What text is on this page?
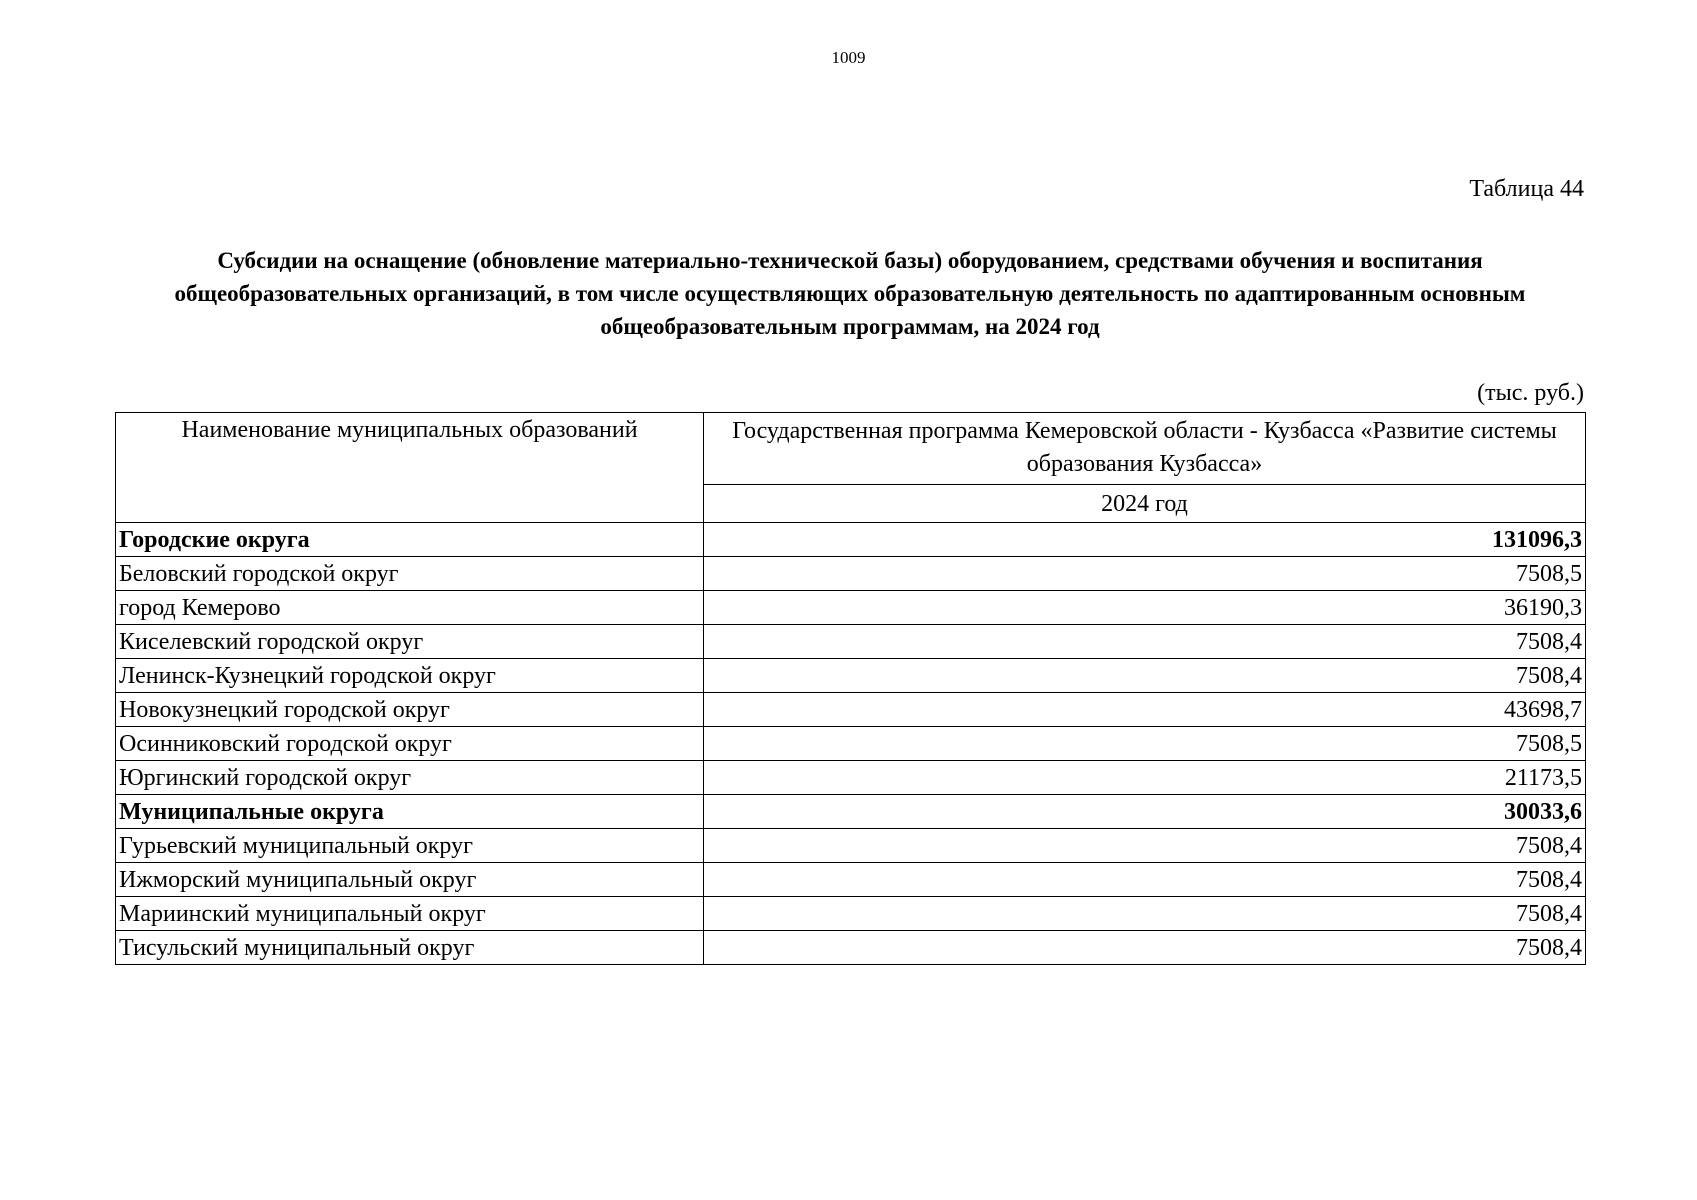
1009
Таблица 44
Субсидии на оснащение (обновление материально-технической базы) оборудованием, средствами обучения и воспитания общеобразовательных организаций, в том числе осуществляющих образовательную деятельность по адаптированным основным общеобразовательным программам, на 2024 год
(тыс. руб.)
Наименование муниципальных образований	Государственная программа Кемеровской области - Кузбасса «Развитие системы образования Кузбасса»
	2024 год
Городские округа	131096,3
Беловский городской округ	7508,5
город Кемерово	36190,3
Киселевский городской округ	7508,4
Ленинск-Кузнецкий городской округ	7508,4
Новокузнецкий городской округ	43698,7
Осинниковский городской округ	7508,5
Юргинский городской округ	21173,5
Муниципальные округа	30033,6
Гурьевский муниципальный округ	7508,4
Ижморский муниципальный округ	7508,4
Мариинский муниципальный округ	7508,4
Тисульский муниципальный округ	7508,4
